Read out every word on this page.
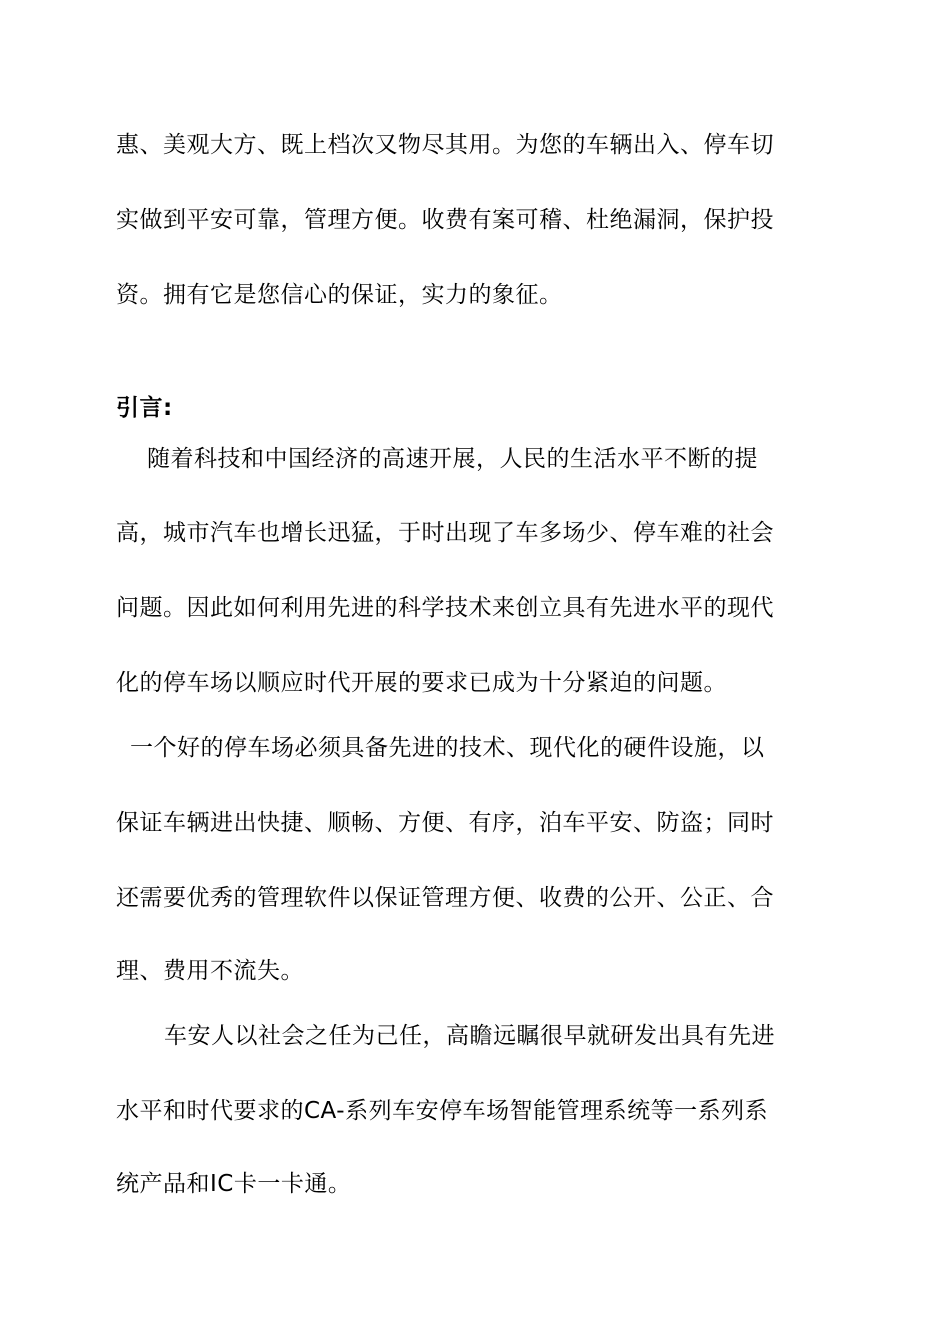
惠、美观大方、既上档次又物尽其用。为您的车辆出入、停车切
实做到平安可靠，管理方便。收费有案可稽、杜绝漏洞，保护投
资。拥有它是您信心的保证，实力的象征。
引言:
随着科技和中国经济的高速开展，人民的生活水平不断的提
高，城市汽车也增长迅猛，于时出现了车多场少、停车难的社会
问题。因此如何利用先进的科学技术来创立具有先进水平的现代
化的停车场以顺应时代开展的要求已成为十分紧迫的问题。
一个好的停车场必须具备先进的技术、现代化的硬件设施，以
保证车辆进出快捷、顺畅、方便、有序，泊车平安、防盗；同时
还需要优秀的管理软件以保证管理方便、收费的公开、公正、合
理、费用不流失。
车安人以社会之任为己任，高瞻远瞩很早就研发出具有先进
水平和时代要求的CA-系列车安停车场智能管理系统等一系列系
统产品和IC卡一卡通。
